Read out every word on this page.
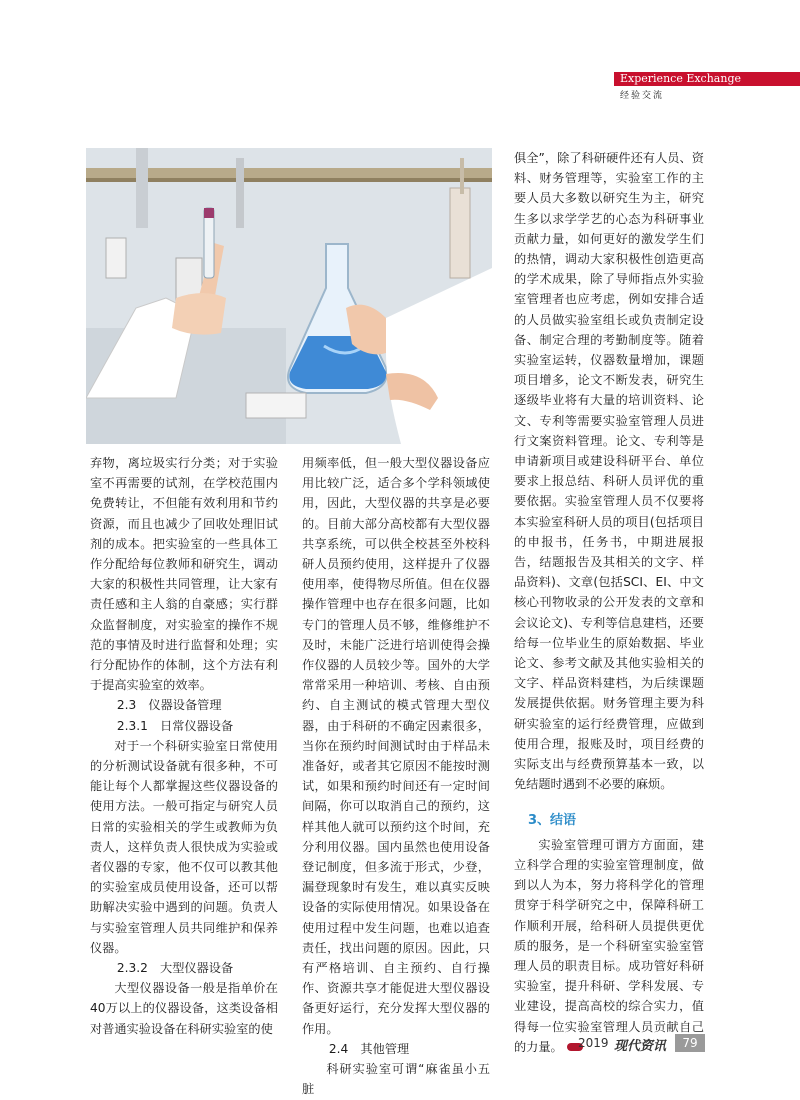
Experience Exchange
经验交流

弃物，离垃圾实行分类；对于实验室不再需要的试剂，在学校范围内免费转让，不但能有效利用和节约资源，而且也减少了回收处理旧试剂的成本。把实验室的一些具体工作分配给每位教师和研究生，调动大家的积极性共同管理，让大家有责任感和主人翁的自豪感；实行群众监督制度，对实验室的操作不规范的事情及时进行监督和处理；实行分配协作的体制，这个方法有利于提高实验室的效率。

2.3　仪器设备管理

2.3.1　日常仪器设备

对于一个科研实验室日常使用的分析测试设备就有很多种，不可能让每个人都掌握这些仪器设备的使用方法。一般可指定与研究人员日常的实验相关的学生或教师为负责人，这样负责人很快成为实验或者仪器的专家，他不仅可以教其他的实验室成员使用设备，还可以帮助解决实验中遇到的问题。负责人与实验室管理人员共同维护和保养仪器。

2.3.2　大型仪器设备

大型仪器设备一般是指单价在40万以上的仪器设备，这类设备相对普通实验设备在科研实验室的使

用频率低，但一般大型仪器设备应用比较广泛，适合多个学科领域使用，因此，大型仪器的共享是必要的。目前大部分高校都有大型仪器共享系统，可以供全校甚至外校科研人员预约使用，这样提升了仪器使用率，使得物尽所值。但在仪器操作管理中也存在很多问题，比如专门的管理人员不够，维修维护不及时，未能广泛进行培训使得会操作仪器的人员较少等。国外的大学常常采用一种培训、考核、自由预约、自主测试的模式管理大型仪器，由于科研的不确定因素很多，当你在预约时间测试时由于样品未准备好，或者其它原因不能按时测试，如果和预约时间还有一定时间间隔，你可以取消自己的预约，这样其他人就可以预约这个时间，充分利用仪器。国内虽然也使用设备登记制度，但多流于形式，少登，漏登现象时有发生，难以真实反映设备的实际使用情况。如果设备在使用过程中发生问题，也难以追查责任，找出问题的原因。因此，只有严格培训、自主预约、自行操作、资源共享才能促进大型仪器设备更好运行，充分发挥大型仪器的作用。

2.4　其他管理

科研实验室可谓“麻雀虽小五脏

俱全”，除了科研硬件还有人员、资料、财务管理等，实验室工作的主要人员大多数以研究生为主，研究生多以求学学艺的心态为科研事业贡献力量，如何更好的激发学生们的热情，调动大家积极性创造更高的学术成果，除了导师指点外实验室管理者也应考虑，例如安排合适的人员做实验室组长或负责制定设备、制定合理的考勤制度等。随着实验室运转，仪器数量增加，课题项目增多，论文不断发表，研究生逐级毕业将有大量的培训资料、论文、专利等需要实验室管理人员进行文案资料管理。论文、专利等是申请新项目或建设科研平台、单位要求上报总结、科研人员评优的重要依据。实验室管理人员不仅要将本实验室科研人员的项目(包括项目的申报书，任务书，中期进展报告，结题报告及其相关的文字、样品资料)、文章(包括SCI、EI、中文核心刊物收录的公开发表的文章和会议论文)、专利等信息建档，还要给每一位毕业生的原始数据、毕业论文、参考文献及其他实验相关的文字、样品资料建档，为后续课题发展提供依据。财务管理主要为科研实验室的运行经费管理，应做到使用合理，报账及时，项目经费的实际支出与经费预算基本一致，以免结题时遇到不必要的麻烦。

3、结语

实验室管理可谓方方面面，建立科学合理的实验室管理制度，做到以人为本，努力将科学化的管理贯穿于科学研究之中，保障科研工作顺利开展，给科研人员提供更优质的服务，是一个科研室实验室管理人员的职责目标。成功管好科研实验室，提升科研、学科发展、专业建设，提高高校的综合实力，值得每一位实验室管理人员贡献自己的力量。	2019 现代资讯	79
